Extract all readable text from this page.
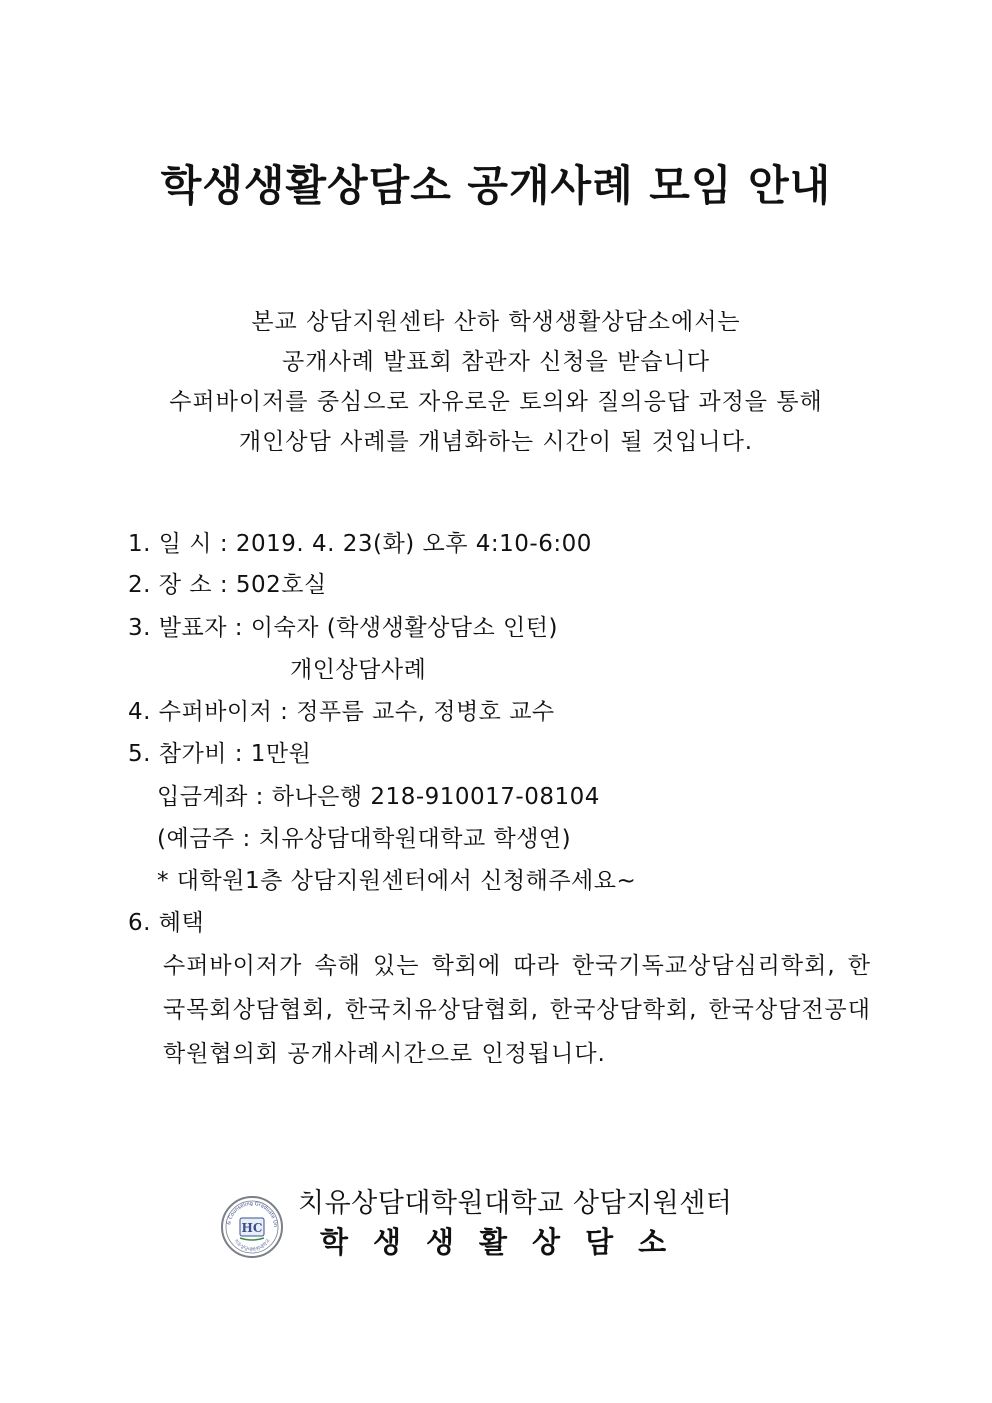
학생생활상담소 공개사례 모임 안내
본교 상담지원센타 산하 학생생활상담소에서는
공개사례 발표회 참관자 신청을 받습니다
수퍼바이저를 중심으로 자유로운 토의와 질의응답 과정을 통해
개인상담 사례를 개념화하는 시간이 될 것입니다.
1. 일 시 : 2019. 4. 23(화) 오후 4:10-6:00
2. 장 소 : 502호실
3. 발표자 : 이숙자 (학생생활상담소 인턴)
개인상담사례
4. 수퍼바이저 : 정푸름 교수, 정병호 교수
5. 참가비 : 1만원
입금계좌 : 하나은행 218-910017-08104
(예금주 : 치유상담대학원대학교 학생연)
* 대학원1층 상담지원센터에서 신청해주세요~
6. 혜택
수퍼바이저가 속해 있는 학회에 따라 한국기독교상담심리학회, 한국목회상담협회, 한국치유상담협회, 한국상담학회, 한국상담전공대학원협의회 공개사례시간으로 인정됩니다.
& Counseling Graduate Un
치유상담대학원대학교
HC
치유상담대학원대학교 상담지원센터
학생생활상담소
